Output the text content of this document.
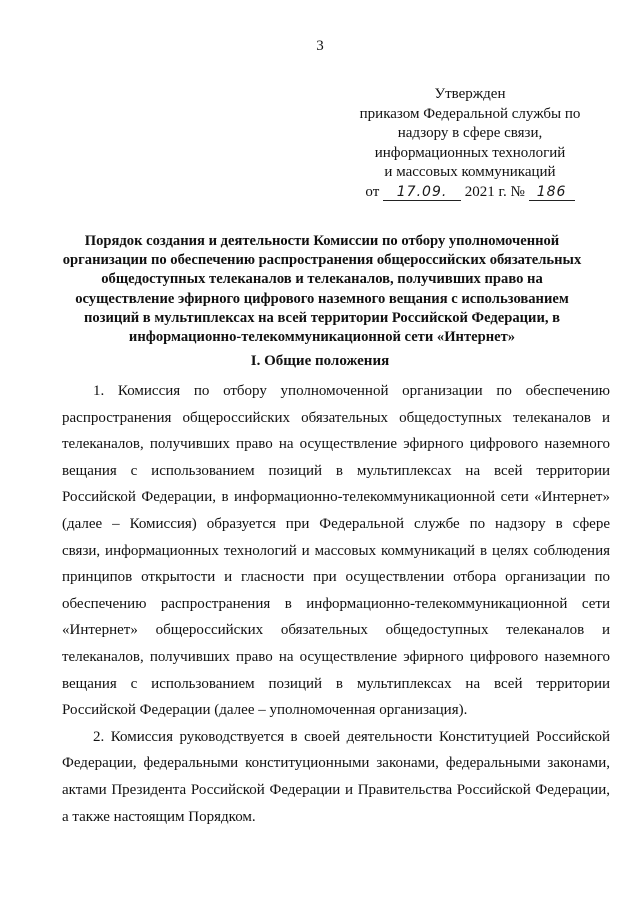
3
Утвержден
приказом Федеральной службы по
надзору в сфере связи,
информационных технологий
и массовых коммуникаций
от 17.09. 2021 г. № 186
Порядок создания и деятельности Комиссии по отбору уполномоченной
организации по обеспечению распространения общероссийских обязательных
общедоступных телеканалов и телеканалов, получивших право на
осуществление эфирного цифрового наземного вещания с использованием
позиций в мультиплексах на всей территории Российской Федерации, в
информационно-телекоммуникационной сети «Интернет»
I. Общие положения
1. Комиссия по отбору уполномоченной организации по обеспечению
распространения общероссийских обязательных общедоступных телеканалов и
телеканалов, получивших право на осуществление эфирного цифрового наземного
вещания с использованием позиций в мультиплексах на всей территории
Российской Федерации, в информационно-телекоммуникационной сети «Интернет»
(далее – Комиссия) образуется при Федеральной службе по надзору в сфере
связи, информационных технологий и массовых коммуникаций в целях соблюдения
принципов открытости и гласности при осуществлении отбора организации по
обеспечению распространения в информационно-телекоммуникационной сети
«Интернет» общероссийских обязательных общедоступных телеканалов и
телеканалов, получивших право на осуществление эфирного цифрового наземного
вещания с использованием позиций в мультиплексах на всей территории
Российской Федерации (далее – уполномоченная организация).
2. Комиссия руководствуется в своей деятельности Конституцией Российской
Федерации, федеральными конституционными законами, федеральными законами,
актами Президента Российской Федерации и Правительства Российской Федерации,
а также настоящим Порядком.
